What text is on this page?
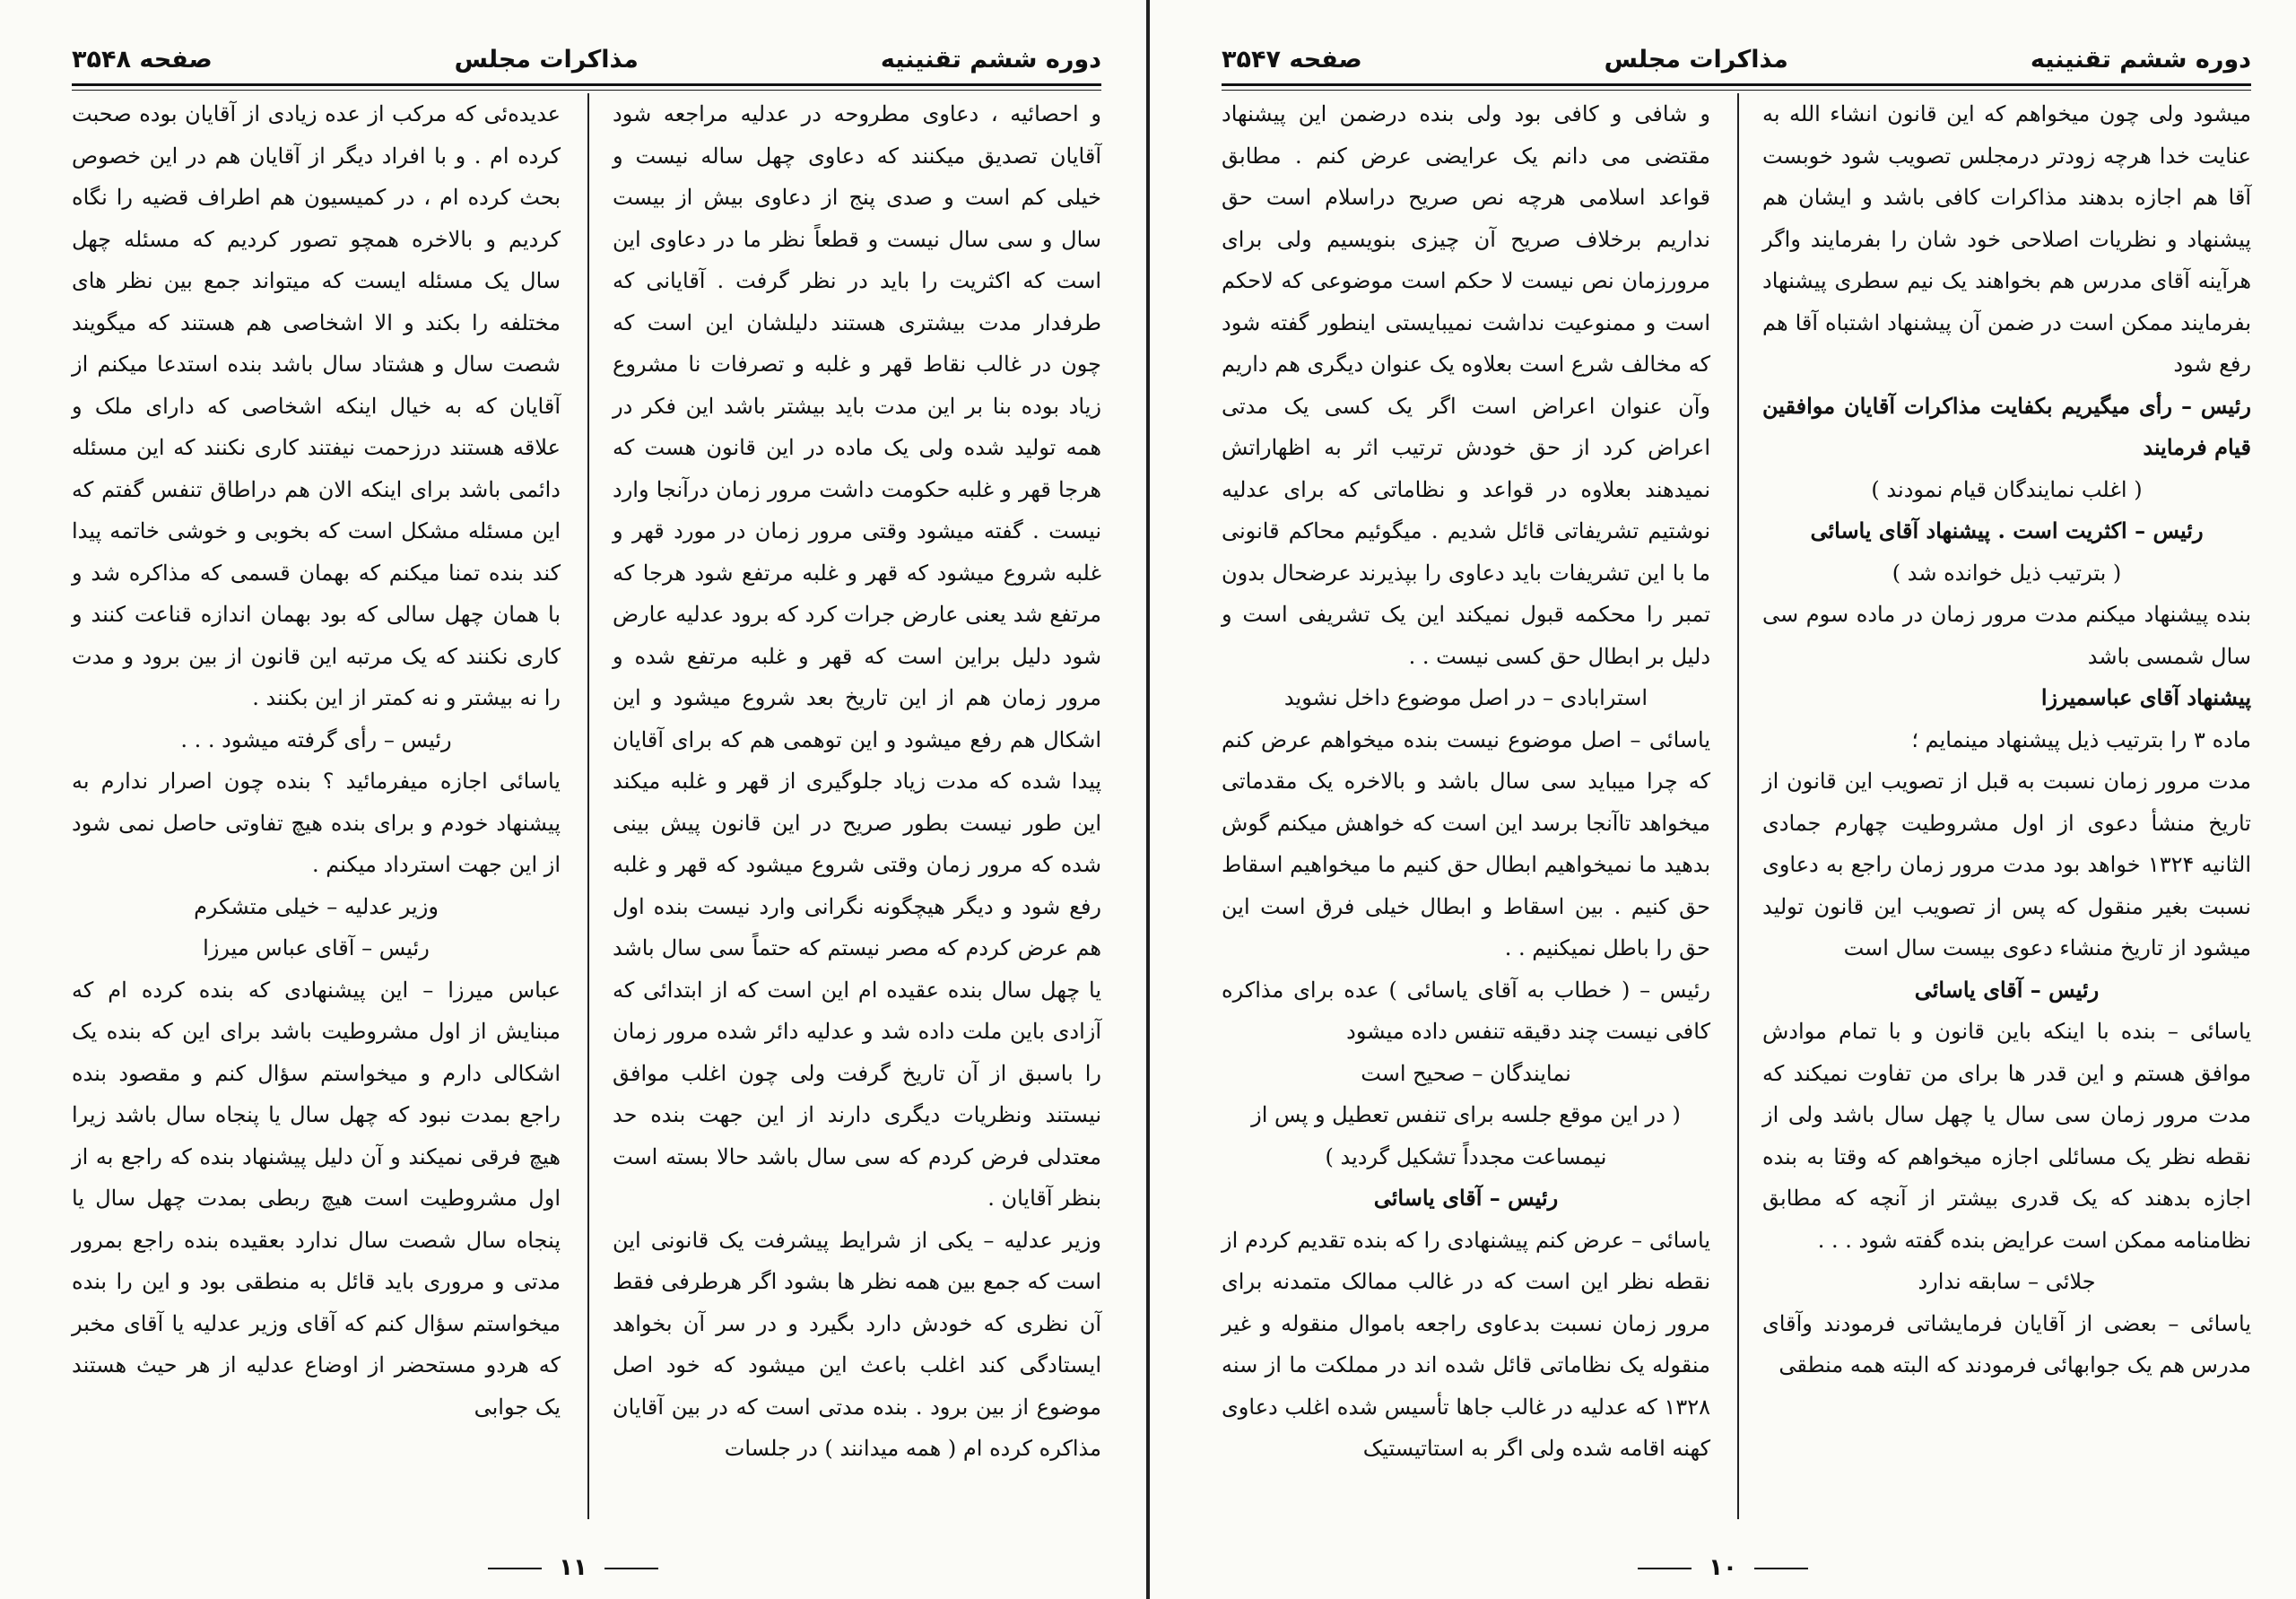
دوره ششم تقنینیه
مذاکرات مجلس
صفحه ۳۵۴۸

و احصائیه ، دعاوی مطروحه در عدلیه مراجعه شود آقایان تصدیق میکنند که دعاوی چهل ساله نیست و خیلی کم است و صدی پنج از دعاوی بیش از بیست سال و سی سال نیست و قطعاً نظر ما در دعاوی این است که اکثریت را باید در نظر گرفت . آقایانی که طرفدار مدت بیشتری هستند دلیلشان این است که چون در غالب نقاط قهر و غلبه و تصرفات نا مشروع زیاد بوده بنا بر این مدت باید بیشتر باشد این فکر در همه تولید شده ولی یک ماده در این قانون هست که هرجا قهر و غلبه حکومت داشت مرور زمان درآنجا وارد نیست . گفته میشود وقتی مرور زمان در مورد قهر و غلبه شروع میشود که قهر و غلبه مرتفع شود هرجا که مرتفع شد یعنی عارض جرات کرد که برود عدلیه عارض شود دلیل براین است که قهر و غلبه مرتفع شده و مرور زمان هم از این تاریخ بعد شروع میشود و این اشکال هم رفع میشود و این توهمی هم که برای آقایان پیدا شده که مدت زیاد جلوگیری از قهر و غلبه میکند این طور نیست بطور صریح در این قانون پیش بینی شده که مرور زمان وقتی شروع میشود که قهر و غلبه رفع شود و دیگر هیچگونه نگرانی وارد نیست بنده اول هم عرض کردم که مصر نیستم که حتماً سی سال باشد یا چهل سال بنده عقیده ام این است که از ابتدائی که آزادی باین ملت داده شد و عدلیه دائر شده مرور زمان را باسبق از آن تاریخ گرفت ولی چون اغلب موافق نیستند ونظریات دیگری دارند از این جهت بنده حد معتدلی فرض کردم که سی سال باشد حالا بسته است بنظر آقایان .

وزیر عدلیه – یکی از شرایط پیشرفت یک قانونی این است که جمع بین همه نظر ها بشود اگر هرطرفی فقط آن نظری که خودش دارد بگیرد و در سر آن بخواهد ایستادگی کند اغلب باعث این میشود که خود اصل موضوع از بین برود . بنده مدتی است که در بین آقایان مذاکره کرده ام ( همه میدانند ) در جلسات

عدیده‌ئی که مرکب از عده زیادی از آقایان بوده صحبت کرده ام . و با افراد دیگر از آقایان هم در این خصوص بحث کرده ام ، در کمیسیون هم اطراف قضیه را نگاه کردیم و بالاخره همچو تصور کردیم که مسئله چهل سال یک مسئله ایست که میتواند جمع بین نظر های مختلفه را بکند و الا اشخاصی هم هستند که میگویند شصت سال و هشتاد سال باشد بنده استدعا میکنم از آقایان که به خیال اینکه اشخاصی که دارای ملک و علاقه هستند درزحمت نیفتند کاری نکنند که این مسئله دائمی باشد برای اینکه الان هم دراطاق تنفس گفتم که این مسئله مشکل است که بخوبی و خوشی خاتمه پیدا کند بنده تمنا میکنم که بهمان قسمی که مذاکره شد و با همان چهل سالی که بود بهمان اندازه قناعت کنند و کاری نکنند که یک مرتبه این قانون از بین برود و مدت را نه بیشتر و نه کمتر از این بکنند .

رئیس – رأی گرفته میشود . . .

یاسائی اجازه میفرمائید ؟ بنده چون اصرار ندارم به پیشنهاد خودم و برای بنده هیچ تفاوتی حاصل نمی شود از این جهت استرداد میکنم .

وزیر عدلیه – خیلی متشکرم

رئیس – آقای عباس میرزا

عباس میرزا – این پیشنهادی که بنده کرده ام که مبنایش از اول مشروطیت باشد برای این که بنده یک اشکالی دارم و میخواستم سؤال کنم و مقصود بنده راجع بمدت نبود که چهل سال یا پنجاه سال باشد زیرا هیچ فرقی نمیکند و آن دلیل پیشنهاد بنده که راجع به از اول مشروطیت است هیچ ربطی بمدت چهل سال یا پنجاه سال شصت سال ندارد بعقیده بنده راجع بمرور مدتی و مروری باید قائل به منطقی بود و این را بنده میخواستم سؤال کنم که آقای وزیر عدلیه یا آقای مخبر که هردو مستحضر از اوضاع عدلیه از هر حیث هستند یک جوابی

۱۱
دوره ششم تقنینیه
مذاکرات مجلس
صفحه ۳۵۴۷

میشود ولی چون میخواهم که این قانون انشاء الله به عنایت خدا هرچه زودتر درمجلس تصویب شود خوبست آقا هم اجازه بدهند مذاکرات کافی باشد و ایشان هم پیشنهاد و نظریات اصلاحی خود شان را بفرمایند واگر هرآینه آقای مدرس هم بخواهند یک نیم سطری پیشنهاد بفرمایند ممکن است در ضمن آن پیشنهاد اشتباه آقا هم رفع شود

رئیس – رأی میگیریم بکفایت مذاکرات آقایان موافقین قیام فرمایند

( اغلب نمایندگان قیام نمودند )

رئیس – اکثریت است . پیشنهاد آقای یاسائی

( بترتیب ذیل خوانده شد )

بنده پیشنهاد میکنم مدت مرور زمان در ماده سوم سی سال شمسی باشد

پیشنهاد آقای عباسمیرزا

ماده ۳ را بترتیب ذیل پیشنهاد مینمایم ؛

مدت مرور زمان نسبت به قبل از تصویب این قانون از تاریخ منشأ دعوی از اول مشروطیت چهارم جمادی الثانیه ۱۳۲۴ خواهد بود مدت مرور زمان راجع به دعاوی نسبت بغیر منقول که پس از تصویب این قانون تولید میشود از تاریخ منشاء دعوی بیست سال است

رئیس – آقای یاسائی

یاسائی – بنده با اینکه باین قانون و با تمام موادش موافق هستم و این قدر ها برای من تفاوت نمیکند که مدت مرور زمان سی سال یا چهل سال باشد ولی از نقطه نظر یک مسائلی اجازه میخواهم که وقتا به بنده اجازه بدهند که یک قدری بیشتر از آنچه که مطابق نظامنامه ممکن است عرایض بنده گفته شود . . .

جلائی – سابقه ندارد

یاسائی – بعضی از آقایان فرمایشاتی فرمودند وآقای مدرس هم یک جوابهائی فرمودند که البته همه منطقی

و شافی و کافی بود ولی بنده درضمن این پیشنهاد مقتضی می دانم یک عرایضی عرض کنم . مطابق قواعد اسلامی هرچه نص صریح دراسلام است حق نداریم برخلاف صریح آن چیزی بنویسیم ولی برای مرورزمان نص نیست لا حکم است موضوعی که لاحکم است و ممنوعیت نداشت نمیبایستی اینطور گفته شود که مخالف شرع است بعلاوه یک عنوان دیگری هم داریم وآن عنوان اعراض است اگر یک کسی یک مدتی اعراض کرد از حق خودش ترتیب اثر به اظهاراتش نمیدهند بعلاوه در قواعد و نظاماتی که برای عدلیه نوشتیم تشریفاتی قائل شدیم . میگوئیم محاکم قانونی ما با این تشریفات باید دعاوی را بپذیرند عرضحال بدون تمبر را محکمه قبول نمیکند این یک تشریفی است و دلیل بر ابطال حق کسی نیست . .

استرابادی – در اصل موضوع داخل نشوید

یاسائی – اصل موضوع نیست بنده میخواهم عرض کنم که چرا میباید سی سال باشد و بالاخره یک مقدماتی میخواهد تاآنجا برسد این است که خواهش میکنم گوش بدهید ما نمیخواهیم ابطال حق کنیم ما میخواهیم اسقاط حق کنیم . بین اسقاط و ابطال خیلی فرق است این حق را باطل نمیکنیم . .

رئیس – ( خطاب به آقای یاسائی ) عده برای مذاکره کافی نیست چند دقیقه تنفس داده میشود

نمایندگان – صحیح است

( در این موقع جلسه برای تنفس تعطیل و پس از نیمساعت مجدداً تشکیل گردید )

رئیس – آقای یاسائی

یاسائی – عرض کنم پیشنهادی را که بنده تقدیم کردم از نقطه نظر این است که در غالب ممالک متمدنه برای مرور زمان نسبت بدعاوی راجعه باموال منقوله و غیر منقوله یک نظاماتی قائل شده اند در مملکت ما از سنه ۱۳۲۸ که عدلیه در غالب جاها تأسیس شده اغلب دعاوی کهنه اقامه شده ولی اگر به استاتیستیک

۱۰
